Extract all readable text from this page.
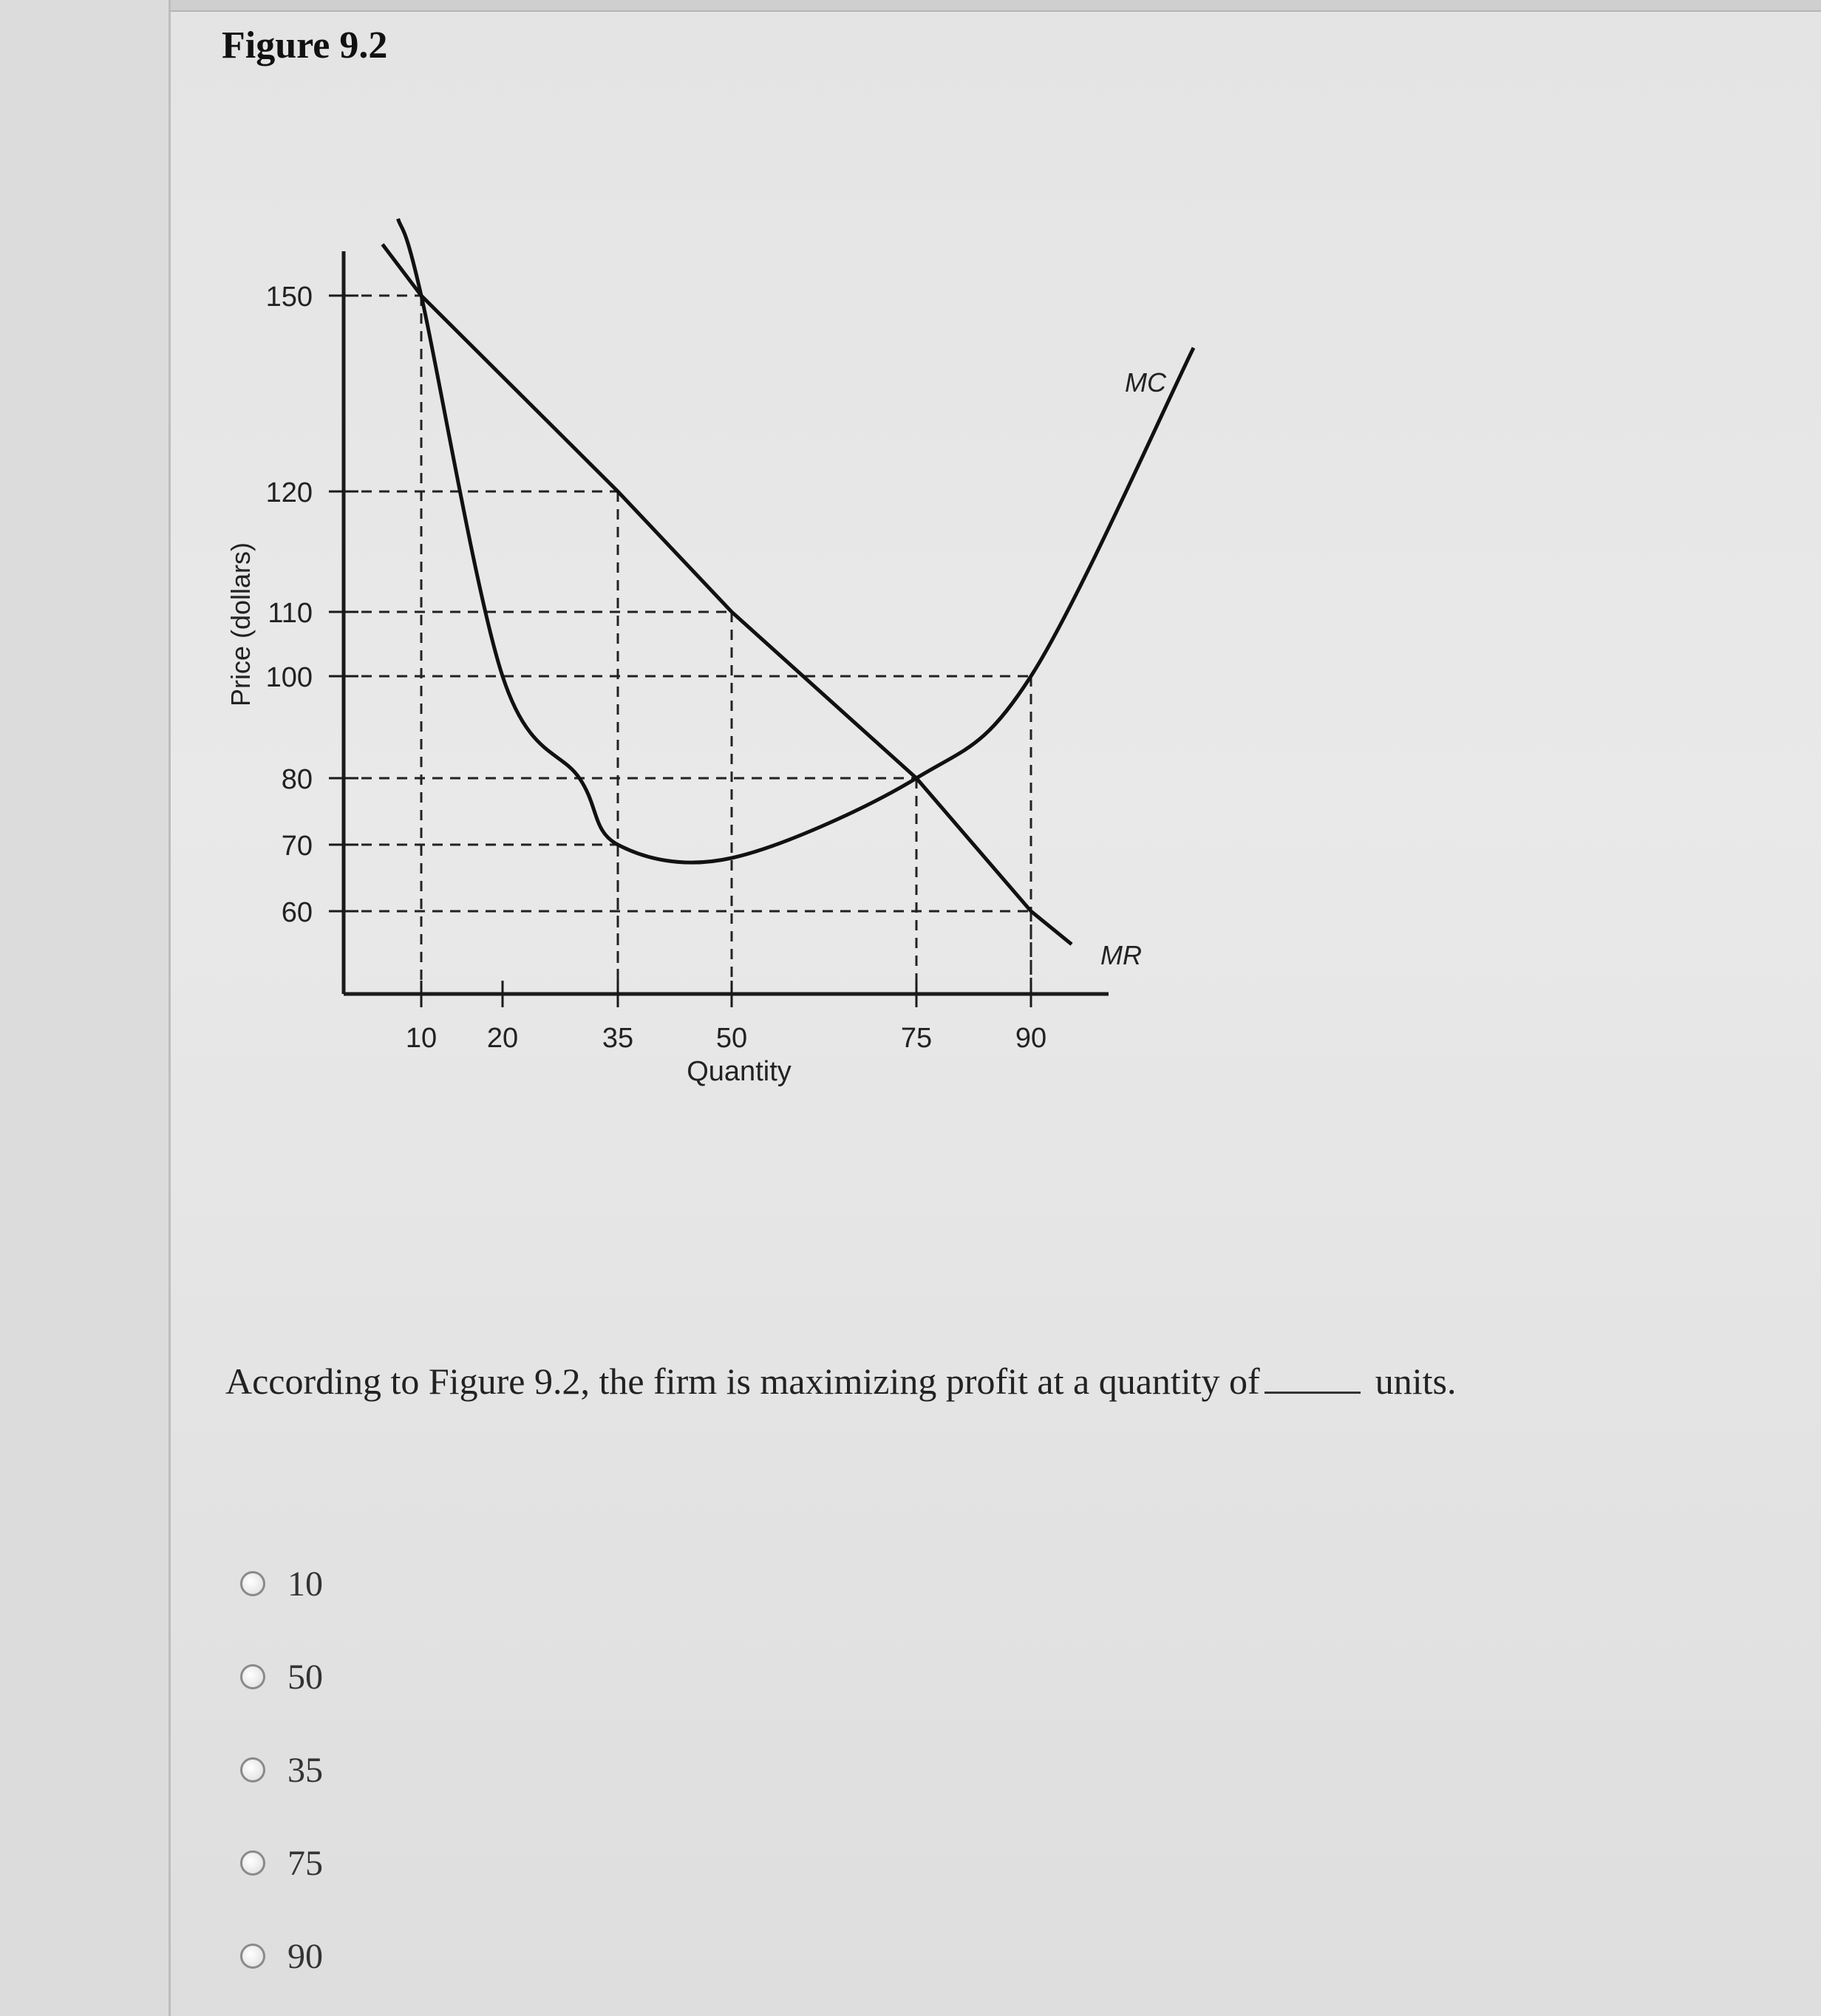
Figure 9.2
60
70
80
100
110
120
150
10 20	35	50	75	90
Quantity
Price (dollars)
MC
MR
According to Figure 9.2, the firm is maximizing profit at a quantity of	units.
10
50
35
75
90
